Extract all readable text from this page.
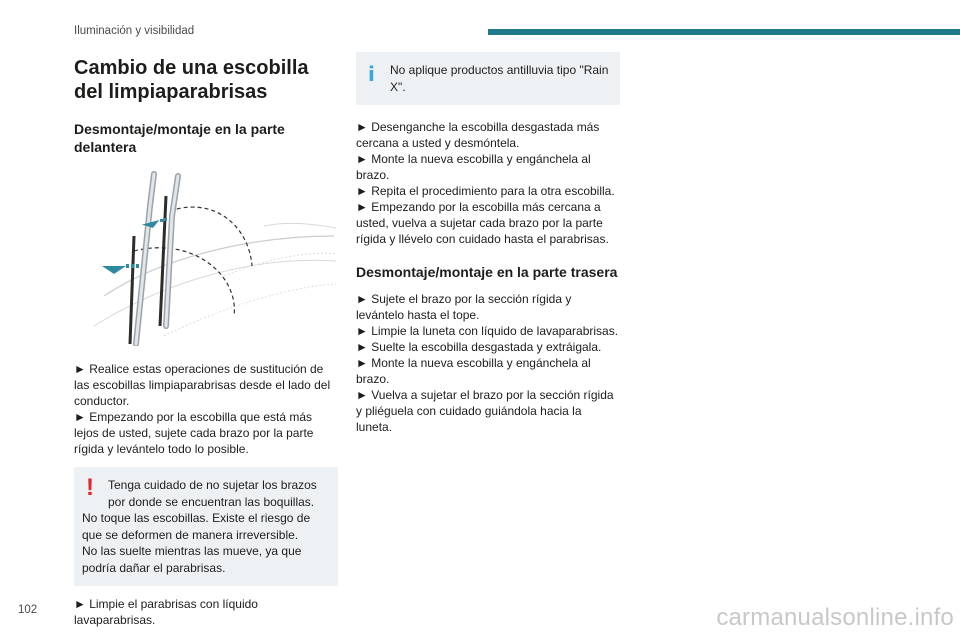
Iluminación y visibilidad
Cambio de una escobilla del limpiaparabrisas
Desmontaje/montaje en la parte delantera

► Realice estas operaciones de sustitución de las escobillas limpiaparabrisas desde el lado del conductor.

► Empezando por la escobilla que está más lejos de usted, sujete cada brazo por la parte rígida y levántelo todo lo posible.

!	Tenga cuidado de no sujetar los brazos por donde se encuentran las boquillas.
No toque las escobillas. Existe el riesgo de que se deformen de manera irreversible.
No las suelte mientras las mueve, ya que podría dañar el parabrisas.

► Limpie el parabrisas con líquido lavaparabrisas.

i	No aplique productos antilluvia tipo "Rain X".

► Desenganche la escobilla desgastada más cercana a usted y desmóntela.

► Monte la nueva escobilla y engánchela al brazo.

► Repita el procedimiento para la otra escobilla.

► Empezando por la escobilla más cercana a usted, vuelva a sujetar cada brazo por la parte rígida y llévelo con cuidado hasta el parabrisas.

Desmontaje/montaje en la parte trasera

► Sujete el brazo por la sección rígida y levántelo hasta el tope.

► Limpie la luneta con líquido de lavaparabrisas.

► Suelte la escobilla desgastada y extráigala.

► Monte la nueva escobilla y engánchela al brazo.

► Vuelva a sujetar el brazo por la sección rígida y pliéguela con cuidado guiándola hacia la luneta.

102	carmanualsonline.info
